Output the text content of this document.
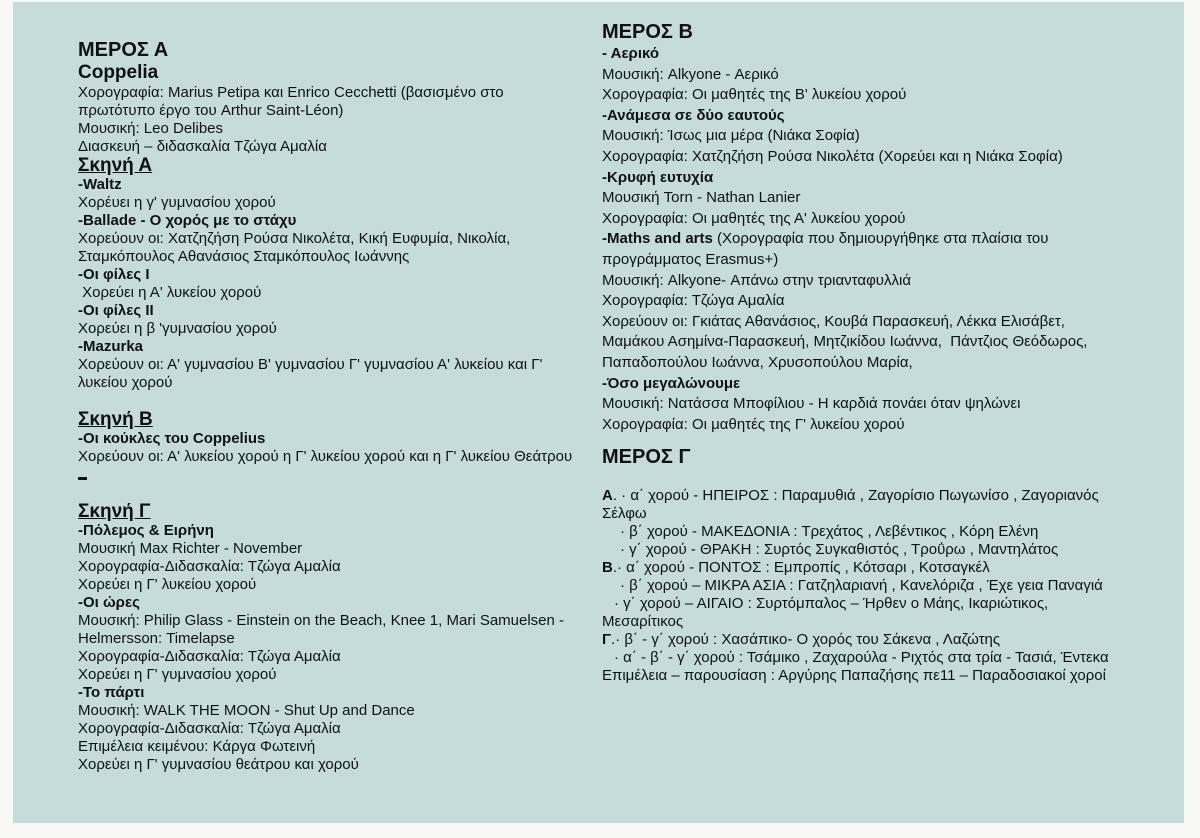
ΜΕΡΟΣ Α
Coppelia
Χορογραφία: Marius Petipa και Enrico Cecchetti (βασισμένο στο πρωτότυπο έργο του Arthur Saint-Léon)
Μουσική: Leo Delibes
Διασκευή – διδασκαλία Τζώγα Αμαλία
Σκηνή Α
-Waltz
Χορέυει η γ' γυμνασίου χορού
-Ballade - Ο χορός με το στάχυ
Χορεύουν οι: Χατζηζήση Ρούσα Νικολέτα, Κική Ευφυμία, Νικολία, Σταμκόπουλος Αθανάσιος Σταμκόπουλος Ιωάννης
-Οι φίλες Ι
Χορεύει η Α' λυκείου χορού
-Οι φίλες ΙΙ
Χορεύει η β 'γυμνασίου χορού
-Mazurka
Χορεύουν οι: Α' γυμνασίου Β' γυμνασίου Γ' γυμνασίου Α' λυκείου και Γ' λυκείου χορού
Σκηνή Β
-Οι κούκλες του Coppelius
Χορεύουν οι: Α' λυκείου χορού η Γ' λυκείου χορού και η Γ' λυκείου Θεάτρου
Σκηνή Γ
-Πόλεμος & Ειρήνη
Μουσική Max Richter - November
Χορογραφία-Διδασκαλία: Τζώγα Αμαλία
Χορεύει η Γ' λυκείου χορού
-Οι ώρες
Μουσική: Philip Glass - Einstein on the Beach, Knee 1, Mari Samuelsen - Helmersson: Timelapse
Χορογραφία-Διδασκαλία: Τζώγα Αμαλία
Χορεύει η Γ' γυμνασίου χορού
-Το πάρτι
Μουσική: WALK THE MOON - Shut Up and Dance
Χορογραφία-Διδασκαλία: Τζώγα Αμαλία
Επιμέλεια κειμένου: Κάργα Φωτεινή
Χορεύει η Γ' γυμνασίου θεάτρου και χορού
ΜΕΡΟΣ Β
- Αερικό
Μουσική: Alkyone - Αερικό
Χορογραφία: Οι μαθητές της Β' λυκείου χορού
-Ανάμεσα σε δύο εαυτούς
Μουσική: Ίσως μια μέρα (Νιάκα Σοφία)
Χορογραφία: Χατζηζήση Ρούσα Νικολέτα (Χορεύει και η Νιάκα Σοφία)
-Κρυφή ευτυχία
Μουσική Torn - Nathan Lanier
Χορογραφία: Οι μαθητές της Α' λυκείου χορού
-Maths and arts (Χορογραφία που δημιουργήθηκε στα πλαίσια του προγράμματος Erasmus+)
Μουσική: Alkyone- Απάνω στην τριανταφυλλιά
Χορογραφία: Τζώγα Αμαλία
Χορεύουν οι: Γκιάτας Αθανάσιος, Κουβά Παρασκευή, Λέκκα Ελισάβετ, Μαμάκου Ασημίνα-Παρασκευή, Μητζικίδου Ιωάννα,  Πάντζιος Θεόδωρος, Παπαδοπούλου Ιωάννα, Χρυσοπούλου Μαρία,
-Όσο μεγαλώνουμε
Μουσική: Νατάσσα Μποφίλιου - Η καρδιά πονάει όταν ψηλώνει
Χορογραφία: Οι μαθητές της Γ' λυκείου χορού
ΜΕΡΟΣ Γ
Α. · α΄ χορού - ΗΠΕΙΡΟΣ : Παραμυθιά , Ζαγορίσιο Πωγωνίσο , Ζαγοριανός Σέλφω
· β΄ χορού - ΜΑΚΕΔΟΝΙΑ : Τρεχάτος , Λεβέντικος , Κόρη Ελένη
· γ΄ χορού - ΘΡΑΚΗ : Συρτός Συγκαθιστός , Τροΰρω , Μαντηλάτος
Β.· α΄ χορού - ΠΟΝΤΟΣ : Εμπροπίς , Κότσαρι , Κοτσαγκέλ
· β΄ χορού – ΜΙΚΡΑ ΑΣΙΑ : Γατζηλαριανή , Κανελόριζα , Έχε γεια Παναγιά
· γ΄ χορού – ΑΙΓΑΙΟ : Συρτόμπαλος – Ήρθεν ο Μάης, Ικαριώτικος, Μεσαρίτικος
Γ.· β΄ - γ΄ χορού : Χασάπικο- Ο χορός του Σάκενα , Λαζώτης
· α΄ - β΄ - γ΄ χορού : Τσάμικο , Ζαχαρούλα - Ριχτός στα τρία - Τασιά, Έντεκα
Επιμέλεια – παρουσίαση : Αργύρης Παπαζήσης πε11 – Παραδοσιακοί χοροί
